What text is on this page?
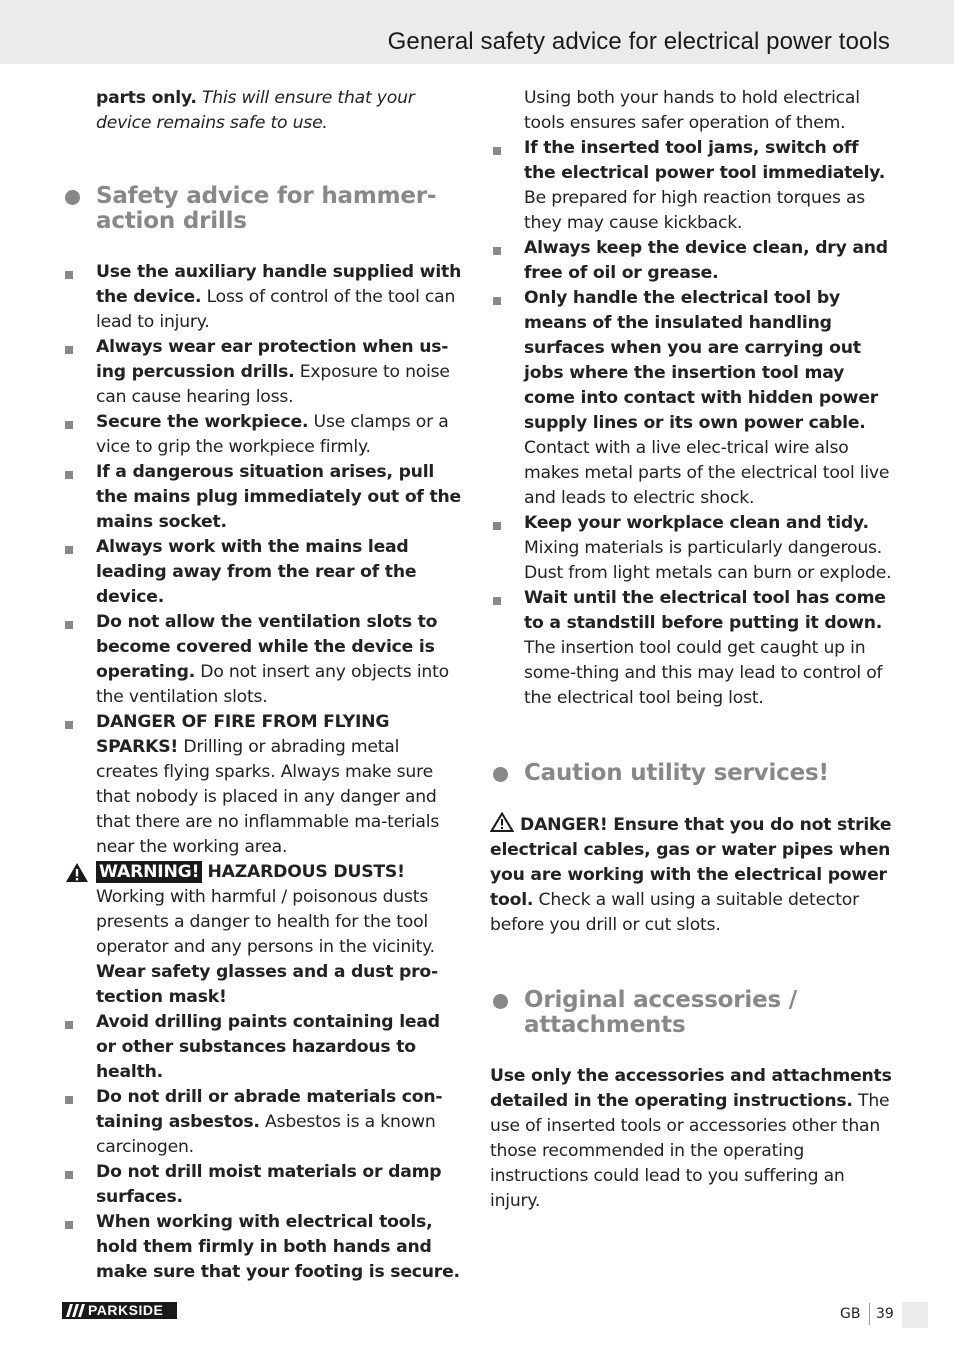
General safety advice for electrical power tools

parts only. This will ensure that your device remains safe to use.

Safety advice for hammer-
action drills
Use the auxiliary handle supplied with the device. Loss of control of the tool can lead to injury.
Always wear ear protection when us-ing percussion drills. Exposure to noise can cause hearing loss.
Secure the workpiece. Use clamps or a vice to grip the workpiece firmly.
If a dangerous situation arises, pull the mains plug immediately out of the mains socket.
Always work with the mains lead leading away from the rear of the device.
Do not allow the ventilation slots to become covered while the device is operating. Do not insert any objects into the ventilation slots.
DANGER OF FIRE FROM FLYING SPARKS! Drilling or abrading metal creates flying sparks. Always make sure that nobody is placed in any danger and that there are no inflammable ma-terials near the working area.
WARNING! HAZARDOUS DUSTS!
Working with harmful / poisonous dusts presents a danger to health for the tool operator and any persons in the vicinity.
Wear safety glasses and a dust pro-tection mask!
Avoid drilling paints containing lead or other substances hazardous to health.
Do not drill or abrade materials con-taining asbestos. Asbestos is a known carcinogen.
Do not drill moist materials or damp surfaces.
When working with electrical tools, hold them firmly in both hands and make sure that your footing is secure.

Using both your hands to hold electrical tools ensures safer operation of them.

If the inserted tool jams, switch off the electrical power tool immediately. Be prepared for high reaction torques as they may cause kickback.
Always keep the device clean, dry and free of oil or grease.
Only handle the electrical tool by means of the insulated handling surfaces when you are carrying out jobs where the insertion tool may come into contact with hidden power supply lines or its own power cable. Contact with a live elec-trical wire also makes metal parts of the electrical tool live and leads to electric shock.
Keep your workplace clean and tidy. Mixing materials is particularly dangerous. Dust from light metals can burn or explode.
Wait until the electrical tool has come to a standstill before putting it down. The insertion tool could get caught up in some-thing and this may lead to control of the electrical tool being lost.
Caution utility services!

DANGER! Ensure that you do not strike electrical cables, gas or water pipes when you are working with the electrical power tool. Check a wall using a suitable detector before you drill or cut slots.

Original accessories /
attachments

Use only the accessories and attachments detailed in the operating instructions. The use of inserted tools or accessories other than those recommended in the operating instructions could lead to you suffering an injury.

PARKSIDE	GB 39
